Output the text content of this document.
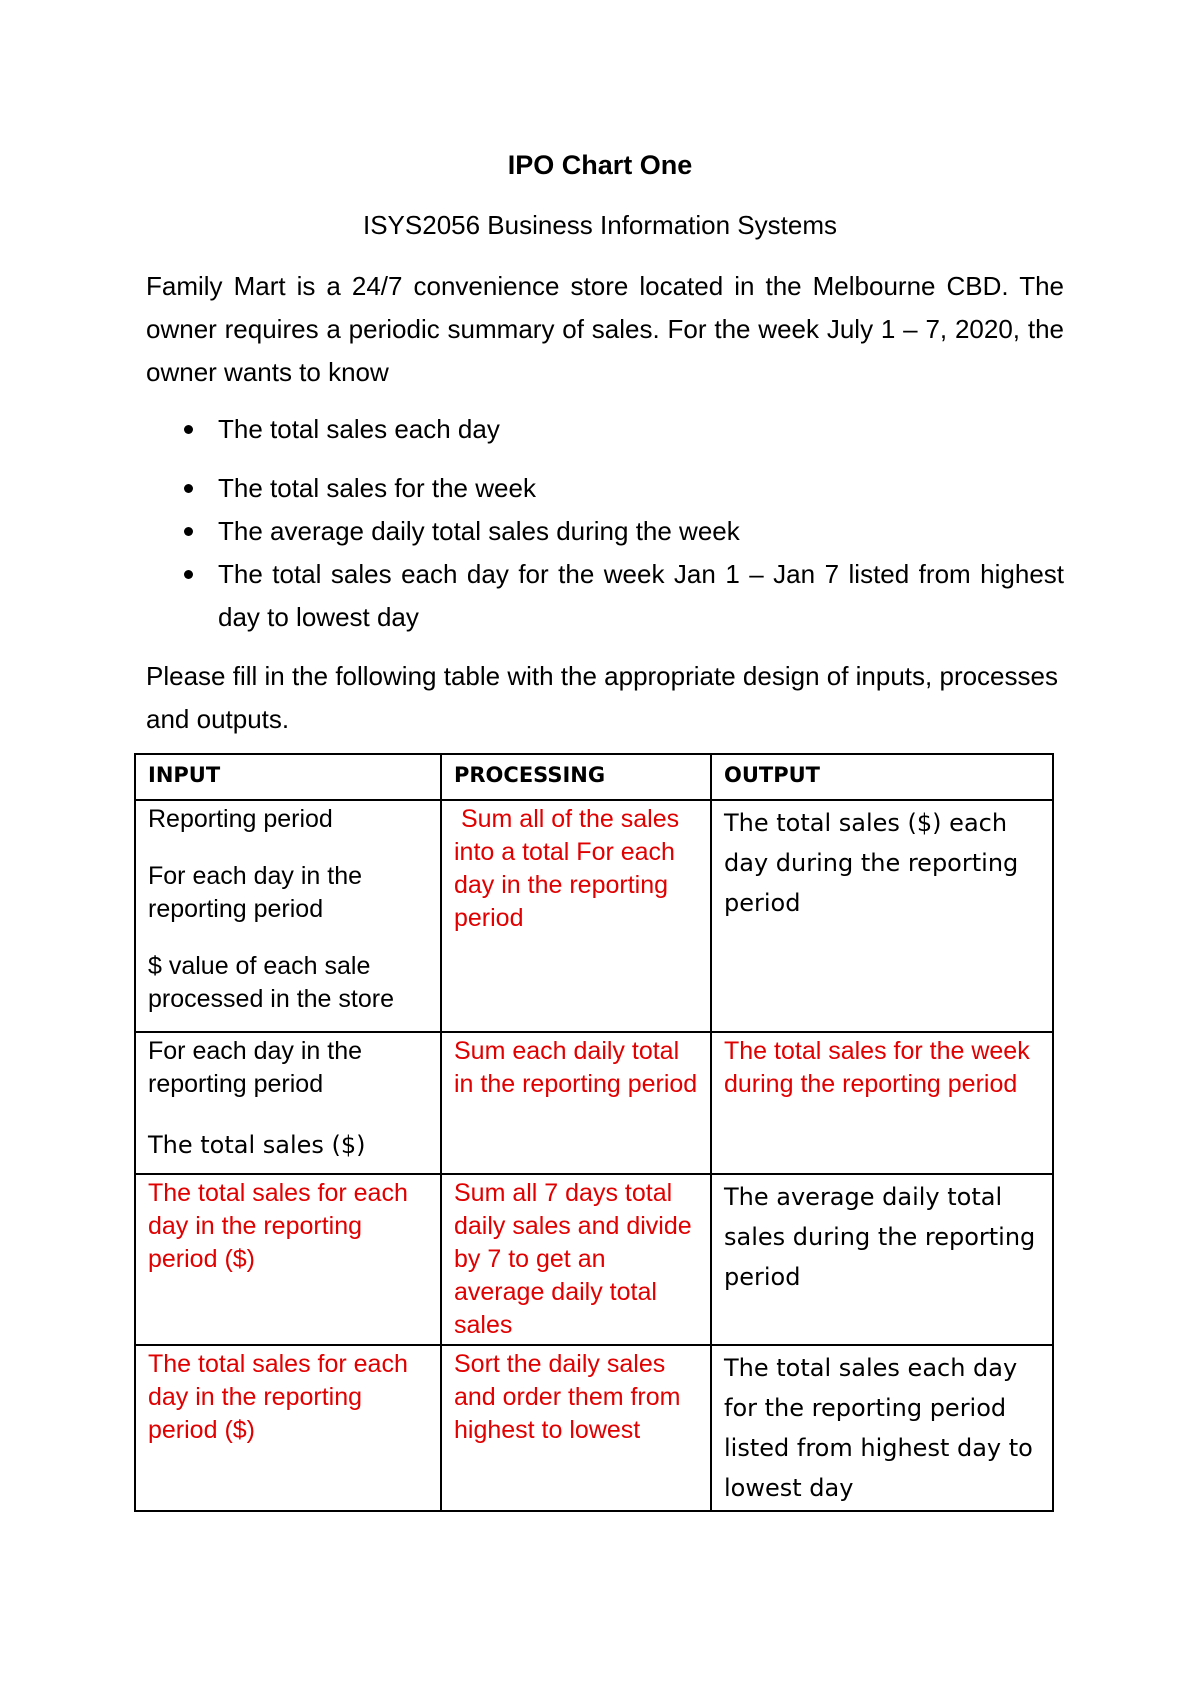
IPO Chart One
ISYS2056 Business Information Systems

Family Mart is a 24/7 convenience store located in the Melbourne CBD. The owner requires a periodic summary of sales. For the week July 1 – 7, 2020, the owner wants to know

The total sales each day
The total sales for the week
The average daily total sales during the week
The total sales each day for the week Jan 1 – Jan 7 listed from highest day to lowest day

Please fill in the following table with the appropriate design of inputs, processes and outputs.

INPUT	PROCESSING	OUTPUT

Reporting period
For each day in the reporting period
$ value of each sale processed in the store	Sum all of the sales into a total For each day in the reporting period	The total sales ($) each day during the reporting period

For each day in the reporting period
The total sales ($)	Sum each daily total in the reporting period	The total sales for the week during the reporting period
The total sales for each day in the reporting period ($)	Sum all 7 days total daily sales and divide by 7 to get an average daily total sales	The average daily total sales during the reporting period
The total sales for each day in the reporting period ($)	Sort the daily sales and order them from highest to lowest	The total sales each day for the reporting period listed from highest day to lowest day
